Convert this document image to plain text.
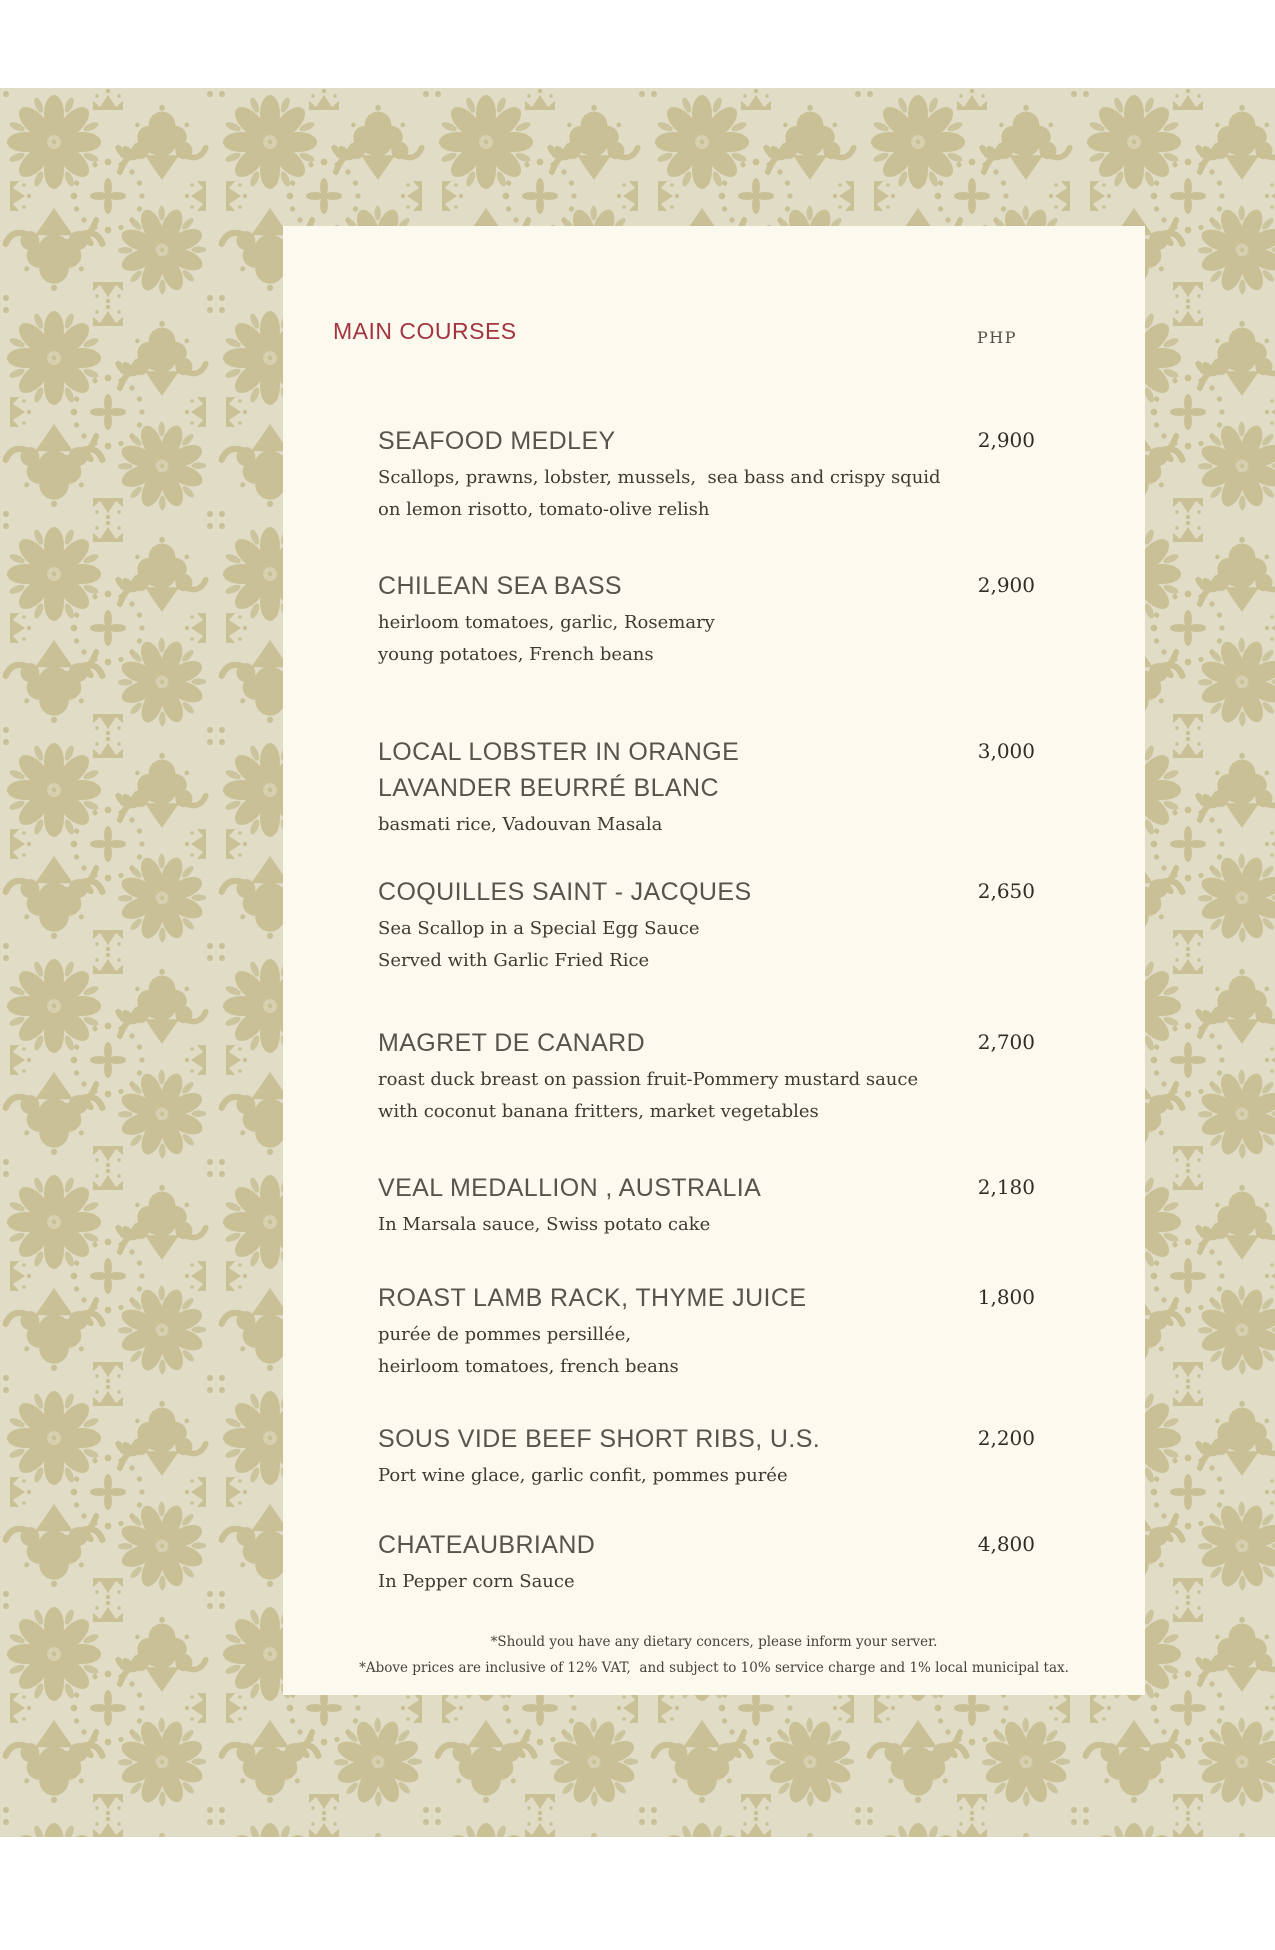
MAIN COURSES	PHP
*Should you have any dietary concers, please inform your server.
*Above prices are inclusive of 12% VAT,  and subject to 10% service charge and 1% local municipal tax.
SEAFOOD MEDLEY
Scallops, prawns, lobster, mussels,  sea bass and crispy squid
on lemon risotto, tomato-olive relish
2,900
CHILEAN SEA BASS
heirloom tomatoes, garlic, Rosemary
young potatoes, French beans
2,900
LOCAL LOBSTER IN ORANGE
LAVANDER BEURRÉ BLANC
basmati rice, Vadouvan Masala
3,000
COQUILLES SAINT - JACQUES
Sea Scallop in a Special Egg Sauce
Served with Garlic Fried Rice
2,650
MAGRET DE CANARD
roast duck breast on passion fruit-Pommery mustard sauce
with coconut banana fritters, market vegetables
2,700
VEAL MEDALLION , AUSTRALIA
In Marsala sauce, Swiss potato cake
2,180
ROAST LAMB RACK, THYME JUICE
purée de pommes persillée,
heirloom tomatoes, french beans
1,800
SOUS VIDE BEEF SHORT RIBS, U.S.
Port wine glace, garlic confit, pommes purée
2,200
CHATEAUBRIAND
In Pepper corn Sauce
4,800
